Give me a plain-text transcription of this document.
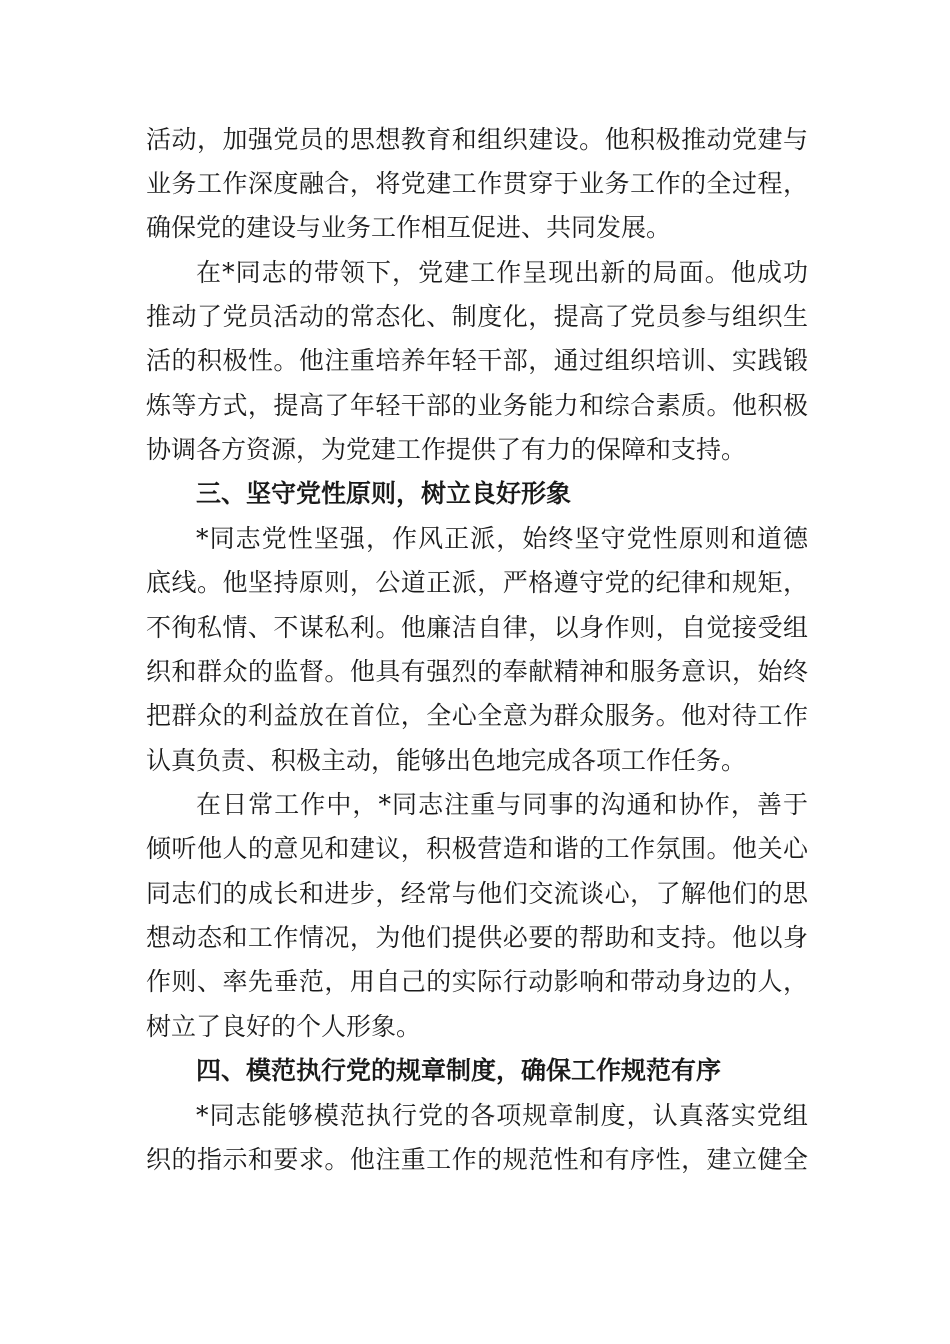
活动，加强党员的思想教育和组织建设。他积极推动党建与
业务工作深度融合，将党建工作贯穿于业务工作的全过程，
确保党的建设与业务工作相互促进、共同发展。
在*同志的带领下，党建工作呈现出新的局面。他成功
推动了党员活动的常态化、制度化，提高了党员参与组织生
活的积极性。他注重培养年轻干部，通过组织培训、实践锻
炼等方式，提高了年轻干部的业务能力和综合素质。他积极
协调各方资源，为党建工作提供了有力的保障和支持。
三、坚守党性原则，树立良好形象
*同志党性坚强，作风正派，始终坚守党性原则和道德
底线。他坚持原则，公道正派，严格遵守党的纪律和规矩，
不徇私情、不谋私利。他廉洁自律，以身作则，自觉接受组
织和群众的监督。他具有强烈的奉献精神和服务意识，始终
把群众的利益放在首位，全心全意为群众服务。他对待工作
认真负责、积极主动，能够出色地完成各项工作任务。
在日常工作中，*同志注重与同事的沟通和协作，善于
倾听他人的意见和建议，积极营造和谐的工作氛围。他关心
同志们的成长和进步，经常与他们交流谈心，了解他们的思
想动态和工作情况，为他们提供必要的帮助和支持。他以身
作则、率先垂范，用自己的实际行动影响和带动身边的人，
树立了良好的个人形象。
四、模范执行党的规章制度，确保工作规范有序
*同志能够模范执行党的各项规章制度，认真落实党组
织的指示和要求。他注重工作的规范性和有序性，建立健全
